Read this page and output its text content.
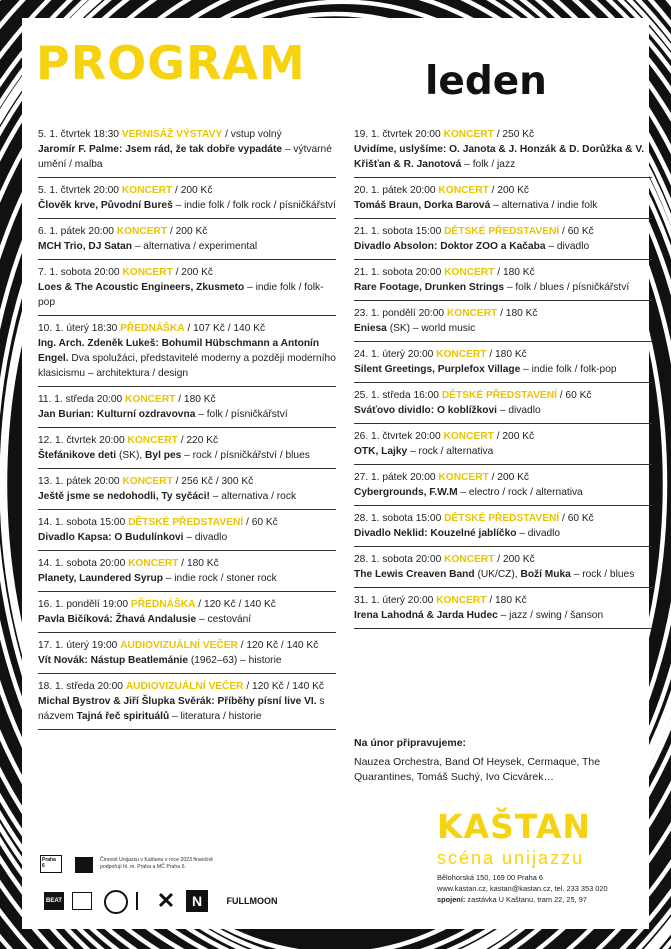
PROGRAM	leden
5. 1. čtvrtek 18:30 VERNISÁŽ VÝSTAVY / vstup volný
Jaromír F. Palme: Jsem rád, že tak dobře vypadáte – výtvarné umění / malba
5. 1. čtvrtek 20:00 KONCERT / 200 Kč
Člověk krve, Původní Bureš – indie folk / folk rock / písničkářství
6. 1. pátek 20:00 KONCERT / 200 Kč
MCH Trio, DJ Satan – alternativa / experimental
7. 1. sobota 20:00 KONCERT / 200 Kč
Loes & The Acoustic Engineers, Zkusmeto – indie folk / folk-pop
10. 1. úterý 18:30 PŘEDNÁŠKA / 107 Kč / 140 Kč
Ing. Arch. Zdeněk Lukeš: Bohumil Hübschmann a Antonín Engel. Dva spolužáci, představitelé moderny a později moderního klasicismu – architektura / design
11. 1. středa 20:00 KONCERT / 180 Kč
Jan Burian: Kulturní ozdravovna – folk / písničkářství
12. 1. čtvrtek 20:00 KONCERT / 220 Kč
Štefánikove deti (SK), Byl pes – rock / písničkářství / blues
13. 1. pátek 20:00 KONCERT / 256 Kč / 300 Kč
Ještě jsme se nedohodli, Ty syčáci! – alternativa / rock
14. 1. sobota 15:00 DĚTSKÉ PŘEDSTAVENÍ / 60 Kč
Divadlo Kapsa: O Budulínkovi – divadlo
14. 1. sobota 20:00 KONCERT / 180 Kč
Planety, Laundered Syrup – indie rock / stoner rock
16. 1. pondělí 19:00 PŘEDNÁŠKA / 120 Kč / 140 Kč
Pavla Bičíková: Žhavá Andalusie – cestování
17. 1. úterý 19:00 AUDIOVIZUÁLNÍ VEČER / 120 Kč / 140 Kč
Vít Novák: Nástup Beatlemánie (1962–63) – historie
18. 1. středa 20:00 AUDIOVIZUÁLNÍ VEČER / 120 Kč / 140 Kč
Michal Bystrov & Jiří Šlupka Svěrák: Příběhy písní live VI. s názvem Tajná řeč spirituálů – literatura / historie
19. 1. čtvrtek 20:00 KONCERT / 250 Kč
Uvidíme, uslyšíme: O. Janota & J. Honzák & D. Dorůžka & V. Křišťan & R. Janotová – folk / jazz
20. 1. pátek 20:00 KONCERT / 200 Kč
Tomáš Braun, Dorka Barová – alternativa / indie folk
21. 1. sobota 15:00 DĚTSKÉ PŘEDSTAVENÍ / 60 Kč
Divadlo Absolon: Doktor ZOO a Kačaba – divadlo
21. 1. sobota 20:00 KONCERT / 180 Kč
Rare Footage, Drunken Strings – folk / blues / písničkářství
23. 1. pondělí 20:00 KONCERT / 180 Kč
Eniesa (SK) – world music
24. 1. úterý 20:00 KONCERT / 180 Kč
Silent Greetings, Purplefox Village – indie folk / folk-pop
25. 1. středa 16:00 DĚTSKÉ PŘEDSTAVENÍ / 60 Kč
Sváťovo dividlo: O koblížkovi – divadlo
26. 1. čtvrtek 20:00 KONCERT / 200 Kč
OTK, Lajky – rock / alternativa
27. 1. pátek 20:00 KONCERT / 200 Kč
Cybergrounds, F.W.M – electro / rock / alternativa
28. 1. sobota 15:00 DĚTSKÉ PŘEDSTAVENÍ / 60 Kč
Divadlo Neklid: Kouzelné jablíčko – divadlo
28. 1. sobota 20:00 KONCERT / 200 Kč
The Lewis Creaven Band (UK/CZ), Boží Muka – rock / blues
31. 1. úterý 20:00 KONCERT / 180 Kč
Irena Lahodná & Jarda Hudec – jazz / swing / šanson
Na únor připravujeme:
Nauzea Orchestra, Band Of Heysek, Cermaque, The Quarantines, Tomáš Suchý, Ivo Cicvárek…
KAŠTAN
scéna unijazzu
Bělohorská 150, 169 00 Praha 6
www.kastan.cz, kastan@kastan.cz, tel. 233 353 020
spojení: zastávka U Kaštanu, tram 22, 25, 97
Praha 6
Činnost Unijazzu v Kaštanu v roce 2023 finančně podpořují hl. m. Praha a MČ Praha 6.
BEAT	✕	N	FULLMOON
